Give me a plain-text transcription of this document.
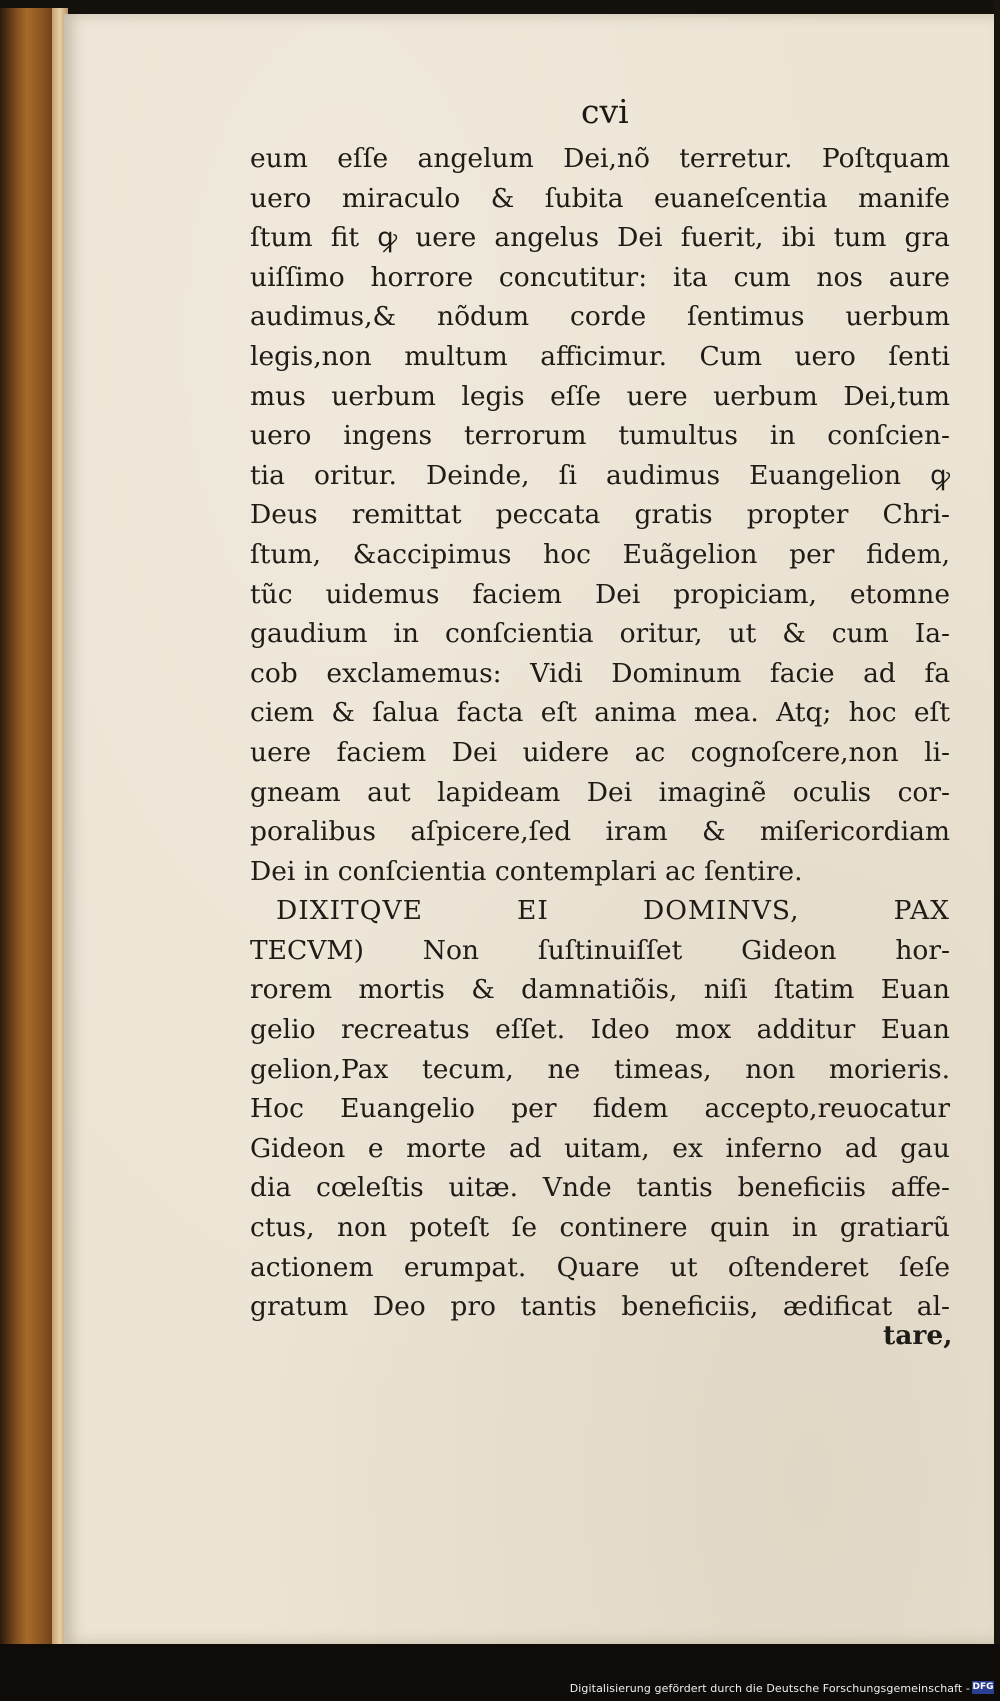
cvi
eum eſſe angelum Dei,nõ terretur. Poſtquam
uero miraculo & ſubita euaneſcentia manife
ſtum fit ꝙ uere angelus Dei fuerit, ibi tum gra
uiſſimo horrore concutitur: ita cum nos aure
audimus,& nõdum corde ſentimus uerbum
legis,non multum afficimur. Cum uero ſenti
mus uerbum legis eſſe uere uerbum Dei,tum
uero ingens terrorum tumultus in conſcien-
tia oritur. Deinde, ſi audimus Euangelion ꝙ
Deus remittat peccata gratis propter Chri-
ſtum, &accipimus hoc Euãgelion per fidem,
tũc uidemus faciem Dei propiciam, etomne
gaudium in conſcientia oritur, ut & cum Ia-
cob exclamemus: Vidi Dominum facie ad fa
ciem & ſalua facta eſt anima mea. Atq; hoc eſt
uere faciem Dei uidere ac cognoſcere,non li-
gneam aut lapideam Dei imaginẽ oculis cor-
poralibus aſpicere,ſed iram & miſericordiam
Dei in conſcientia contemplari ac ſentire.
DIXITQVE EI DOMINVS, PAX
TECVM) Non ſuſtinuiſſet Gideon hor-
rorem mortis & damnatiõis, niſi ſtatim Euan
gelio recreatus eſſet. Ideo mox additur Euan
gelion,Pax tecum, ne timeas, non morieris.
Hoc Euangelio per fidem accepto,reuocatur
Gideon e morte ad uitam, ex inferno ad gau
dia cœleſtis uitæ. Vnde tantis beneficiis affe-
ctus, non poteſt ſe continere quin in gratiarũ
actionem erumpat. Quare ut oſtenderet ſeſe
gratum Deo pro tantis beneficiis, ædificat al-
tare,
Digitalisierung gefördert durch die Deutsche Forschungsgemeinschaft - DFG
